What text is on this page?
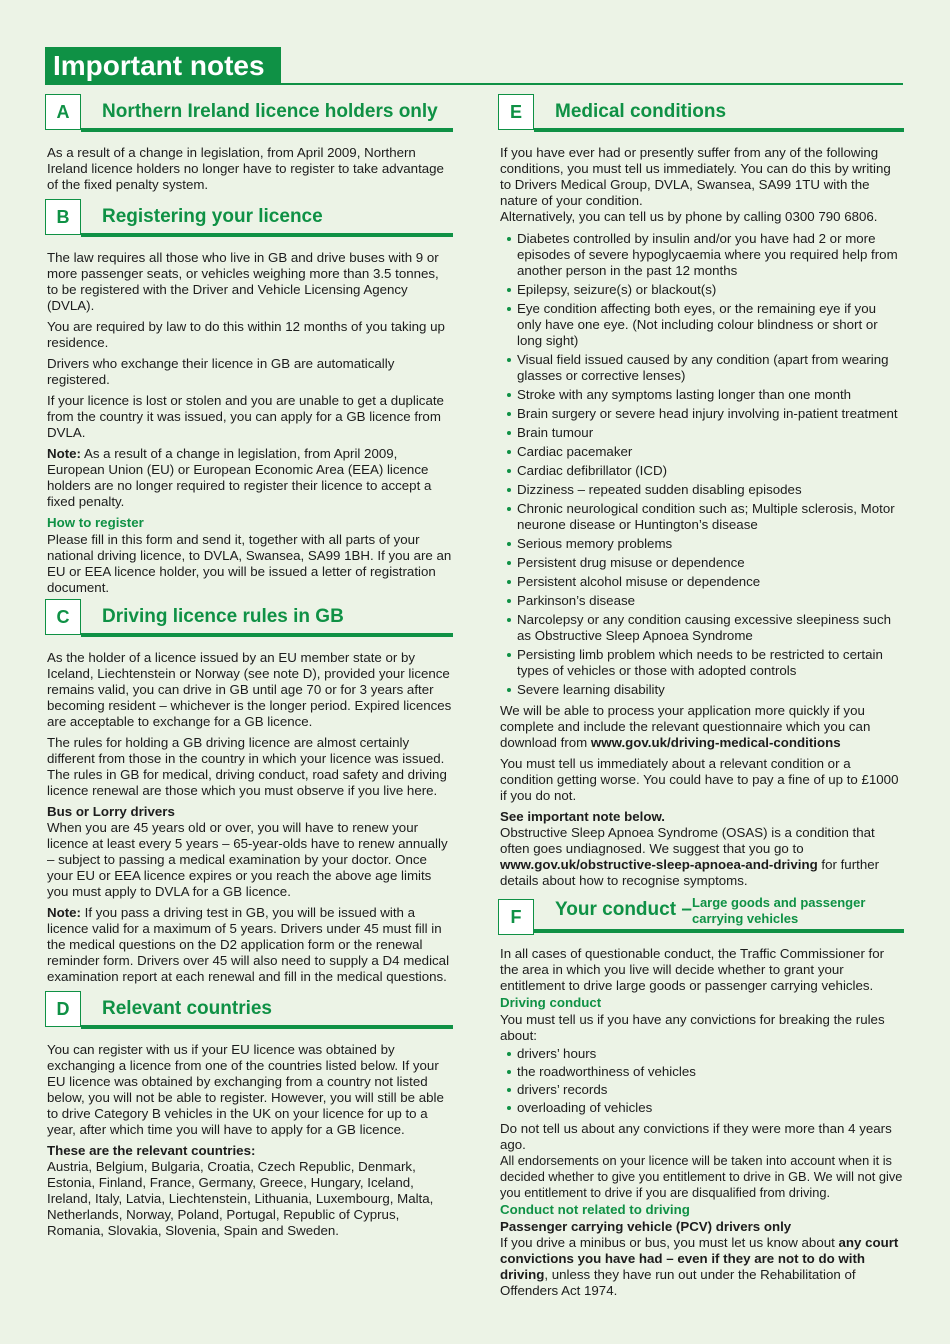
Important notes
A	Northern Ireland licence holders only

As a result of a change in legislation, from April 2009, Northern Ireland licence holders no longer have to register to take advantage of the fixed penalty system.

B	Registering your licence

The law requires all those who live in GB and drive buses with 9 or more passenger seats, or vehicles weighing more than 3.5 tonnes, to be registered with the Driver and Vehicle Licensing Agency (DVLA).

You are required by law to do this within 12 months of you taking up residence.

Drivers who exchange their licence in GB are automatically registered.

If your licence is lost or stolen and you are unable to get a duplicate from the country it was issued, you can apply for a GB licence from DVLA.

Note: As a result of a change in legislation, from April 2009, European Union (EU) or European Economic Area (EEA) licence holders are no longer required to register their licence to accept a fixed penalty.

How to register

Please fill in this form and send it, together with all parts of your national driving licence, to DVLA, Swansea, SA99 1BH. If you are an EU or EEA licence holder, you will be issued a letter of registration document.

C	Driving licence rules in GB

As the holder of a licence issued by an EU member state or by Iceland, Liechtenstein or Norway (see note D), provided your licence remains valid, you can drive in GB until age 70 or for 3 years after becoming resident – whichever is the longer period. Expired licences are acceptable to exchange for a GB licence.

The rules for holding a GB driving licence are almost certainly different from those in the country in which your licence was issued. The rules in GB for medical, driving conduct, road safety and driving licence renewal are those which you must observe if you live here.

Bus or Lorry drivers

When you are 45 years old or over, you will have to renew your licence at least every 5 years – 65-year-olds have to renew annually – subject to passing a medical examination by your doctor. Once your EU or EEA licence expires or you reach the above age limits you must apply to DVLA for a GB licence.

Note: If you pass a driving test in GB, you will be issued with a licence valid for a maximum of 5 years. Drivers under 45 must fill in the medical questions on the D2 application form or the renewal reminder form. Drivers over 45 will also need to supply a D4 medical examination report at each renewal and fill in the medical questions.

D	Relevant countries

You can register with us if your EU licence was obtained by exchanging a licence from one of the countries listed below. If your EU licence was obtained by exchanging from a country not listed below, you will not be able to register. However, you will still be able to drive Category B vehicles in the UK on your licence for up to a year, after which time you will have to apply for a GB licence.

These are the relevant countries:

Austria, Belgium, Bulgaria, Croatia, Czech Republic, Denmark, Estonia, Finland, France, Germany, Greece, Hungary, Iceland, Ireland, Italy, Latvia, Liechtenstein, Lithuania, Luxembourg, Malta, Netherlands, Norway, Poland, Portugal, Republic of Cyprus, Romania, Slovakia, Slovenia, Spain and Sweden.

E	Medical conditions

If you have ever had or presently suffer from any of the following conditions, you must tell us immediately. You can do this by writing to Drivers Medical Group, DVLA, Swansea, SA99 1TU with the nature of your condition.
Alternatively, you can tell us by phone by calling 0300 790 6806.

Diabetes controlled by insulin and/or you have had 2 or more episodes of severe hypoglycaemia where you required help from another person in the past 12 months
Epilepsy, seizure(s) or blackout(s)
Eye condition affecting both eyes, or the remaining eye if you only have one eye. (Not including colour blindness or short or long sight)
Visual field issued caused by any condition (apart from wearing glasses or corrective lenses)
Stroke with any symptoms lasting longer than one month
Brain surgery or severe head injury involving in-patient treatment
Brain tumour
Cardiac pacemaker
Cardiac defibrillator (ICD)
Dizziness – repeated sudden disabling episodes
Chronic neurological condition such as; Multiple sclerosis, Motor neurone disease or Huntington’s disease
Serious memory problems
Persistent drug misuse or dependence
Persistent alcohol misuse or dependence
Parkinson’s disease
Narcolepsy or any condition causing excessive sleepiness such as Obstructive Sleep Apnoea Syndrome
Persisting limb problem which needs to be restricted to certain types of vehicles or those with adopted controls
Severe learning disability

We will be able to process your application more quickly if you complete and include the relevant questionnaire which you can download from www.gov.uk/driving-medical-conditions

You must tell us immediately about a relevant condition or a condition getting worse. You could have to pay a fine of up to £1000 if you do not.

See important note below.

Obstructive Sleep Apnoea Syndrome (OSAS) is a condition that often goes undiagnosed. We suggest that you go to www.gov.uk/obstructive-sleep-apnoea-and-driving for further details about how to recognise symptoms.

F	Your conduct – Large goods and passenger
carrying vehicles

In all cases of questionable conduct, the Traffic Commissioner for the area in which you live will decide whether to grant your entitlement to drive large goods or passenger carrying vehicles.

Driving conduct

You must tell us if you have any convictions for breaking the rules about:

drivers’ hours
the roadworthiness of vehicles
drivers’ records
overloading of vehicles

Do not tell us about any convictions if they were more than 4 years ago.

All endorsements on your licence will be taken into account when it is decided whether to give you entitlement to drive in GB. We will not give you entitlement to drive if you are disqualified from driving.

Conduct not related to driving
Passenger carrying vehicle (PCV) drivers only

If you drive a minibus or bus, you must let us know about any court convictions you have had – even if they are not to do with driving, unless they have run out under the Rehabilitation of Offenders Act 1974.
